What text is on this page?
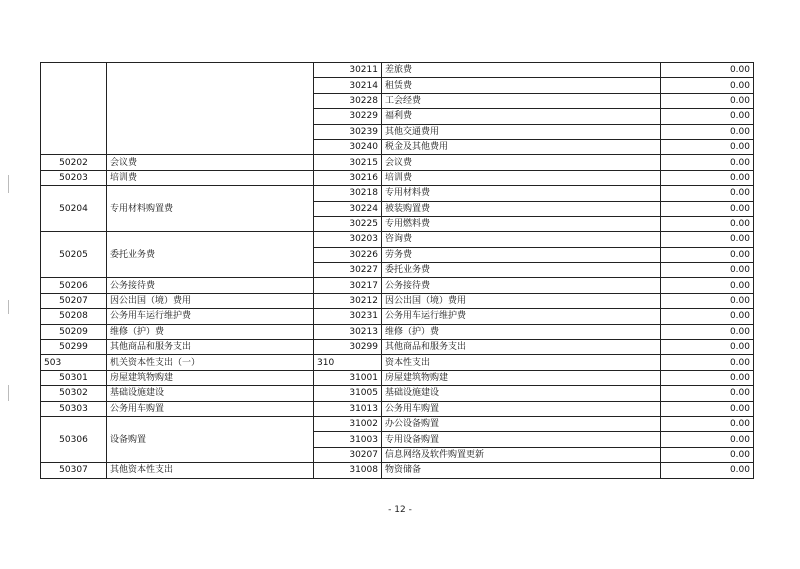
		30211	差旅费	0.00
		30214	租赁费	0.00
		30228	工会经费	0.00
		30229	福利费	0.00
		30239	其他交通费用	0.00
		30240	税金及其他费用	0.00
50202	会议费	30215	会议费	0.00
50203	培训费	30216	培训费	0.00
50204	专用材料购置费	30218	专用材料费	0.00
		30224	被装购置费	0.00
		30225	专用燃料费	0.00
50205	委托业务费	30203	咨询费	0.00
		30226	劳务费	0.00
		30227	委托业务费	0.00
50206	公务接待费	30217	公务接待费	0.00
50207	因公出国（境）费用	30212	因公出国（境）费用	0.00
50208	公务用车运行维护费	30231	公务用车运行维护费	0.00
50209	维修（护）费	30213	维修（护）费	0.00
50299	其他商品和服务支出	30299	其他商品和服务支出	0.00
503	机关资本性支出（一）	310	资本性支出	0.00
50301	房屋建筑物购建	31001	房屋建筑物购建	0.00
50302	基础设施建设	31005	基础设施建设	0.00
50303	公务用车购置	31013	公务用车购置	0.00
50306	设备购置	31002	办公设备购置	0.00
		31003	专用设备购置	0.00
		30207	信息网络及软件购置更新	0.00
50307	其他资本性支出	31008	物资储备	0.00
- 12 -
